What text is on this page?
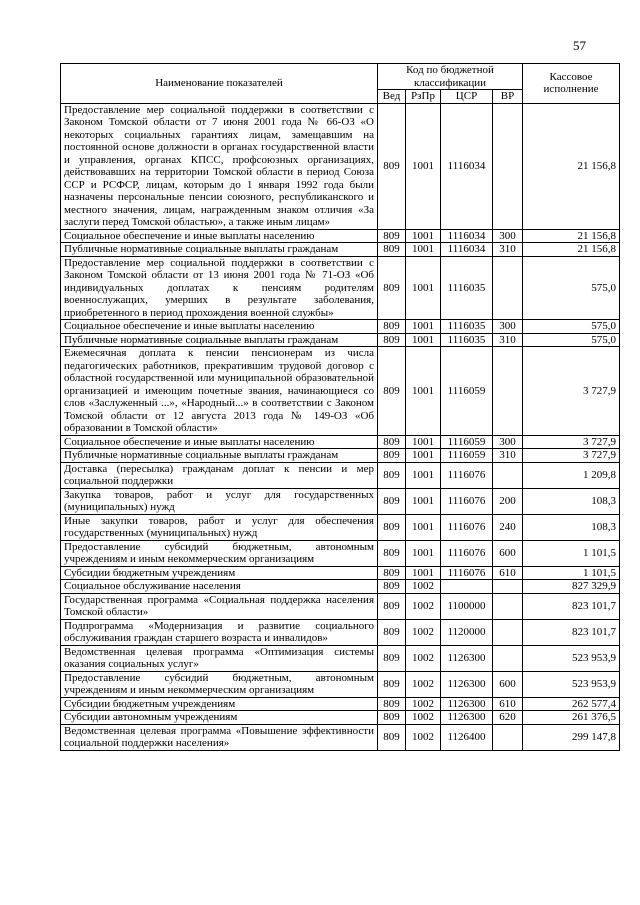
57
Наименование показателей	Код по бюджетной классификации				Кассовое исполнение
	Вед	РзПр	ЦСР	ВР	
Предоставление мер социальной поддержки в соответствии с Законом Томской области от 7 июня 2001 года № 66-ОЗ «О некоторых социальных гарантиях лицам, замещавшим на постоянной основе должности в органах государственной власти и управления, органах КПСС, профсоюзных организациях, действовавших на территории Томской области в период Союза ССР и РСФСР, лицам, которым до 1 января 1992 года были назначены персональные пенсии союзного, республиканского и местного значения, лицам, награжденным знаком отличия «За заслуги перед Томской областью», а также иным лицам»	809	1001	1116034		21 156,8
Социальное обеспечение и иные выплаты населению	809	1001	1116034	300	21 156,8
Публичные нормативные социальные выплаты гражданам	809	1001	1116034	310	21 156,8
Предоставление мер социальной поддержки в соответствии с Законом Томской области от 13 июня 2001 года № 71-ОЗ «Об индивидуальных доплатах к пенсиям родителям военнослужащих, умерших в результате заболевания, приобретенного в период прохождения военной службы»	809	1001	1116035		575,0
Социальное обеспечение и иные выплаты населению	809	1001	1116035	300	575,0
Публичные нормативные социальные выплаты гражданам	809	1001	1116035	310	575,0
Ежемесячная доплата к пенсии пенсионерам из числа педагогических работников, прекратившим трудовой договор с областной государственной или муниципальной образовательной организацией и имеющим почетные звания, начинающиеся со слов «Заслуженный ...», «Народный...» в соответствии с Законом Томской области от 12 августа 2013 года № 149-ОЗ «Об образовании в Томской области»	809	1001	1116059		3 727,9
Социальное обеспечение и иные выплаты населению	809	1001	1116059	300	3 727,9
Публичные нормативные социальные выплаты гражданам	809	1001	1116059	310	3 727,9
Доставка (пересылка) гражданам доплат к пенсии и мер социальной поддержки	809	1001	1116076		1 209,8
Закупка товаров, работ и услуг для государственных (муниципальных) нужд	809	1001	1116076	200	108,3
Иные закупки товаров, работ и услуг для обеспечения государственных (муниципальных) нужд	809	1001	1116076	240	108,3
Предоставление субсидий бюджетным, автономным учреждениям и иным некоммерческим организациям	809	1001	1116076	600	1 101,5
Субсидии бюджетным учреждениям	809	1001	1116076	610	1 101,5
Социальное обслуживание населения	809	1002			827 329,9
Государственная программа «Социальная поддержка населения Томской области»	809	1002	1100000		823 101,7
Подпрограмма «Модернизация и развитие социального обслуживания граждан старшего возраста и инвалидов»	809	1002	1120000		823 101,7
Ведомственная целевая программа «Оптимизация системы оказания социальных услуг»	809	1002	1126300		523 953,9
Предоставление субсидий бюджетным, автономным учреждениям и иным некоммерческим организациям	809	1002	1126300	600	523 953,9
Субсидии бюджетным учреждениям	809	1002	1126300	610	262 577,4
Субсидии автономным учреждениям	809	1002	1126300	620	261 376,5
Ведомственная целевая программа «Повышение эффективности социальной поддержки населения»	809	1002	1126400		299 147,8
